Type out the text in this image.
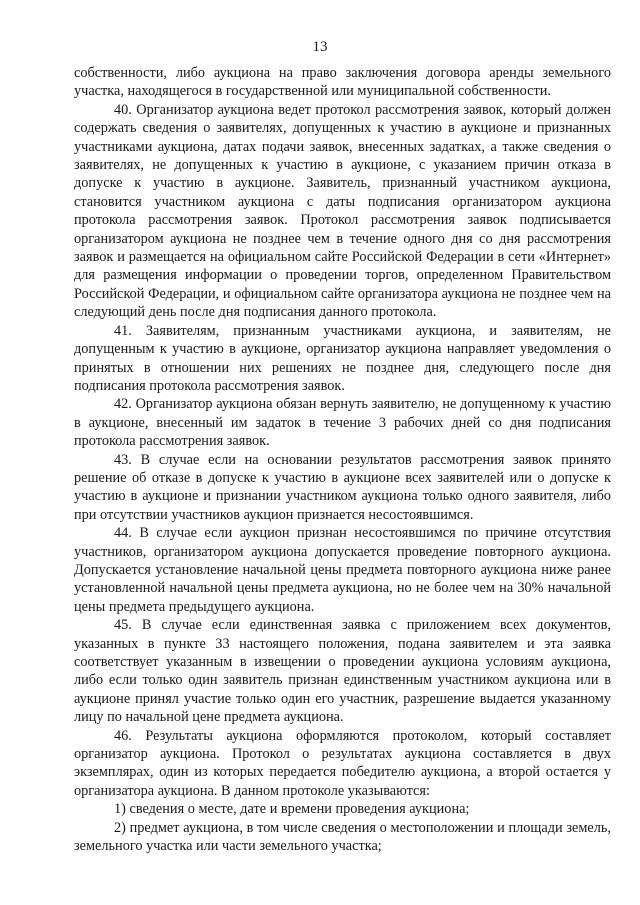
13

собственности, либо аукциона на право заключения договора аренды земельного участка, находящегося в государственной или муниципальной собственности.

40. Организатор аукциона ведет протокол рассмотрения заявок, который должен содержать сведения о заявителях, допущенных к участию в аукционе и признанных участниками аукциона, датах подачи заявок, внесенных задатках, а также сведения о заявителях, не допущенных к участию в аукционе, с указанием причин отказа в допуске к участию в аукционе. Заявитель, признанный участником аукциона, становится участником аукциона с даты подписания организатором аукциона протокола рассмотрения заявок. Протокол рассмотрения заявок подписывается организатором аукциона не позднее чем в течение одного дня со дня рассмотрения заявок и размещается на официальном сайте Российской Федерации в сети «Интернет» для размещения информации о проведении торгов, определенном Правительством Российской Федерации, и официальном сайте организатора аукциона не позднее чем на следующий день после дня подписания данного протокола.

41. Заявителям, признанным участниками аукциона, и заявителям, не допущенным к участию в аукционе, организатор аукциона направляет уведомления о принятых в отношении них решениях не позднее дня, следующего после дня подписания протокола рассмотрения заявок.

42. Организатор аукциона обязан вернуть заявителю, не допущенному к участию в аукционе, внесенный им задаток в течение 3 рабочих дней со дня подписания протокола рассмотрения заявок.

43. В случае если на основании результатов рассмотрения заявок принято решение об отказе в допуске к участию в аукционе всех заявителей или о допуске к участию в аукционе и признании участником аукциона только одного заявителя, либо при отсутствии участников аукцион признается несостоявшимся.

44. В случае если аукцион признан несостоявшимся по причине отсутствия участников, организатором аукциона допускается проведение повторного аукциона. Допускается установление начальной цены предмета повторного аукциона ниже ранее установленной начальной цены предмета аукциона, но не более чем на 30% начальной цены предмета предыдущего аукциона.

45. В случае если единственная заявка с приложением всех документов, указанных в пункте 33 настоящего положения, подана заявителем и эта заявка соответствует указанным в извещении о проведении аукциона условиям аукциона, либо если только один заявитель признан единственным участником аукциона или в аукционе принял участие только один его участник, разрешение выдается указанному лицу по начальной цене предмета аукциона.

46. Результаты аукциона оформляются протоколом, который составляет организатор аукциона. Протокол о результатах аукциона составляется в двух экземплярах, один из которых передается победителю аукциона, а второй остается у организатора аукциона. В данном протоколе указываются:

1) сведения о месте, дате и времени проведения аукциона;

2) предмет аукциона, в том числе сведения о местоположении и площади земель, земельного участка или части земельного участка;
